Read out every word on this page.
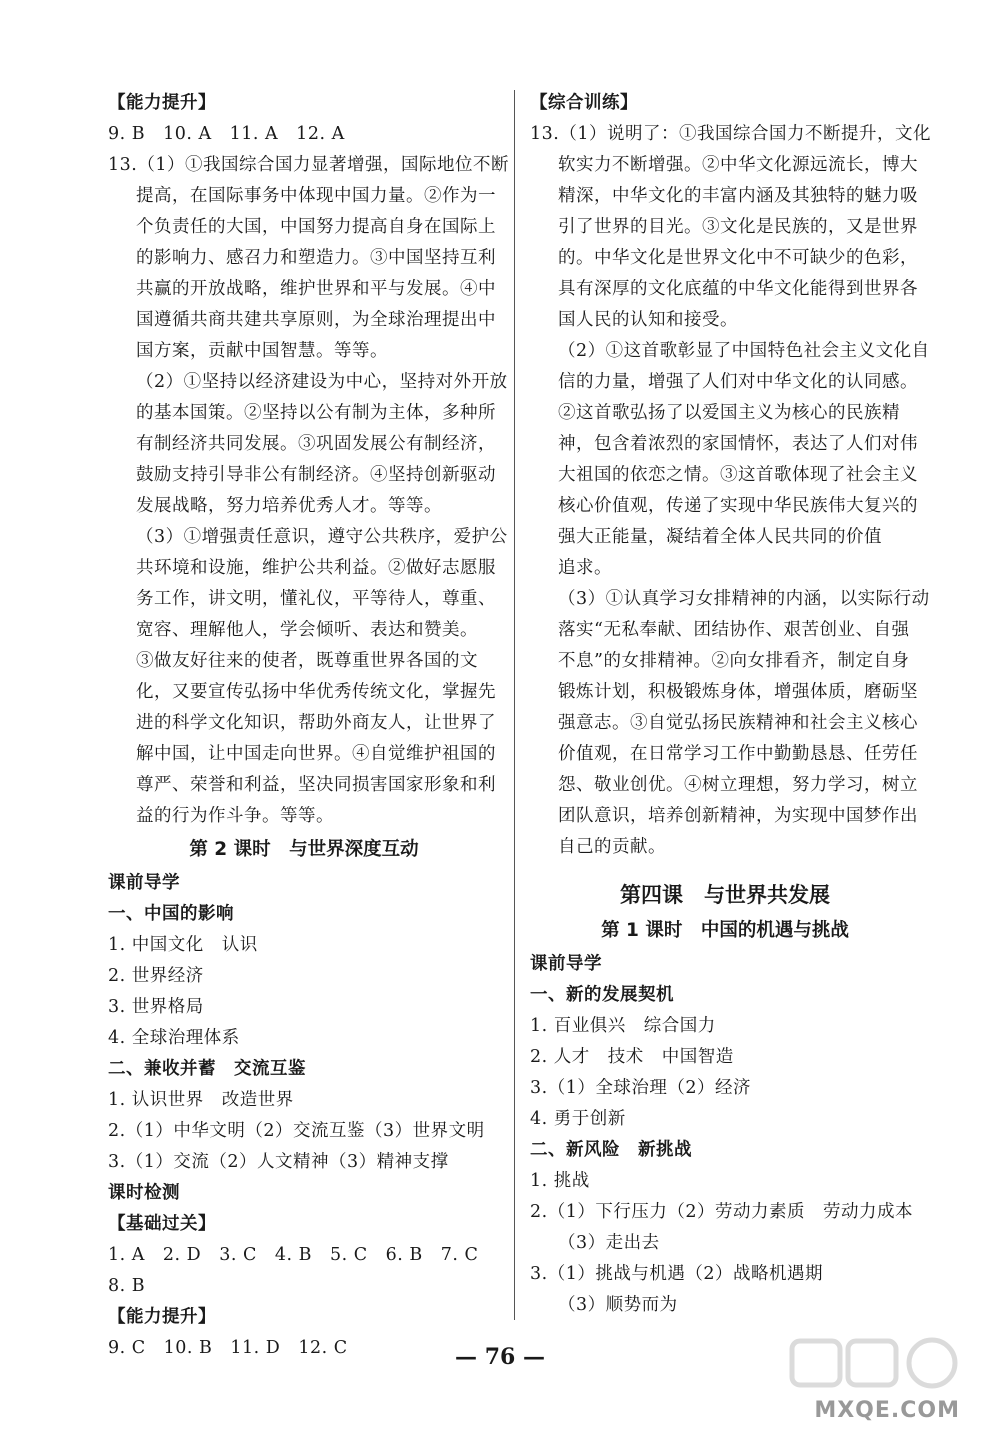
【能力提升】
9. B　10. A　11. A　12. A
13.（1）①我国综合国力显著增强，国际地位不断
提高，在国际事务中体现中国力量。②作为一
个负责任的大国，中国努力提高自身在国际上
的影响力、感召力和塑造力。③中国坚持互利
共赢的开放战略，维护世界和平与发展。④中
国遵循共商共建共享原则，为全球治理提出中
国方案，贡献中国智慧。等等。
（2）①坚持以经济建设为中心，坚持对外开放
的基本国策。②坚持以公有制为主体，多种所
有制经济共同发展。③巩固发展公有制经济，
鼓励支持引导非公有制经济。④坚持创新驱动
发展战略，努力培养优秀人才。等等。
（3）①增强责任意识，遵守公共秩序，爱护公
共环境和设施，维护公共利益。②做好志愿服
务工作，讲文明，懂礼仪，平等待人，尊重、
宽容、理解他人，学会倾听、表达和赞美。
③做友好往来的使者，既尊重世界各国的文
化，又要宣传弘扬中华优秀传统文化，掌握先
进的科学文化知识，帮助外商友人，让世界了
解中国，让中国走向世界。④自觉维护祖国的
尊严、荣誉和利益，坚决同损害国家形象和利
益的行为作斗争。等等。
第 2 课时　与世界深度互动
课前导学
一、中国的影响
1. 中国文化　认识
2. 世界经济
3. 世界格局
4. 全球治理体系
二、兼收并蓄　交流互鉴
1. 认识世界　改造世界
2.（1）中华文明（2）交流互鉴（3）世界文明
3.（1）交流（2）人文精神（3）精神支撑
课时检测
【基础过关】
1. A　2. D　3. C　4. B　5. C　6. B　7. C
8. B
【能力提升】
9. C　10. B　11. D　12. C
【综合训练】
13.（1）说明了：①我国综合国力不断提升，文化
软实力不断增强。②中华文化源远流长，博大
精深，中华文化的丰富内涵及其独特的魅力吸
引了世界的目光。③文化是民族的，又是世界
的。中华文化是世界文化中不可缺少的色彩，
具有深厚的文化底蕴的中华文化能得到世界各
国人民的认知和接受。
（2）①这首歌彰显了中国特色社会主义文化自
信的力量，增强了人们对中华文化的认同感。
②这首歌弘扬了以爱国主义为核心的民族精
神，包含着浓烈的家国情怀，表达了人们对伟
大祖国的依恋之情。③这首歌体现了社会主义
核心价值观，传递了实现中华民族伟大复兴的
强大正能量，凝结着全体人民共同的价值
追求。
（3）①认真学习女排精神的内涵，以实际行动
落实“无私奉献、团结协作、艰苦创业、自强
不息”的女排精神。②向女排看齐，制定自身
锻炼计划，积极锻炼身体，增强体质，磨砺坚
强意志。③自觉弘扬民族精神和社会主义核心
价值观，在日常学习工作中勤勤恳恳、任劳任
怨、敬业创优。④树立理想，努力学习，树立
团队意识，培养创新精神，为实现中国梦作出
自己的贡献。
第四课　与世界共发展
第 1 课时　中国的机遇与挑战
课前导学
一、新的发展契机
1. 百业俱兴　综合国力
2. 人才　技术　中国智造
3.（1）全球治理（2）经济
4. 勇于创新
二、新风险　新挑战
1. 挑战
2.（1）下行压力（2）劳动力素质　劳动力成本
（3）走出去
3.（1）挑战与机遇（2）战略机遇期
（3）顺势而为
— 76 —
MXQE.COM
